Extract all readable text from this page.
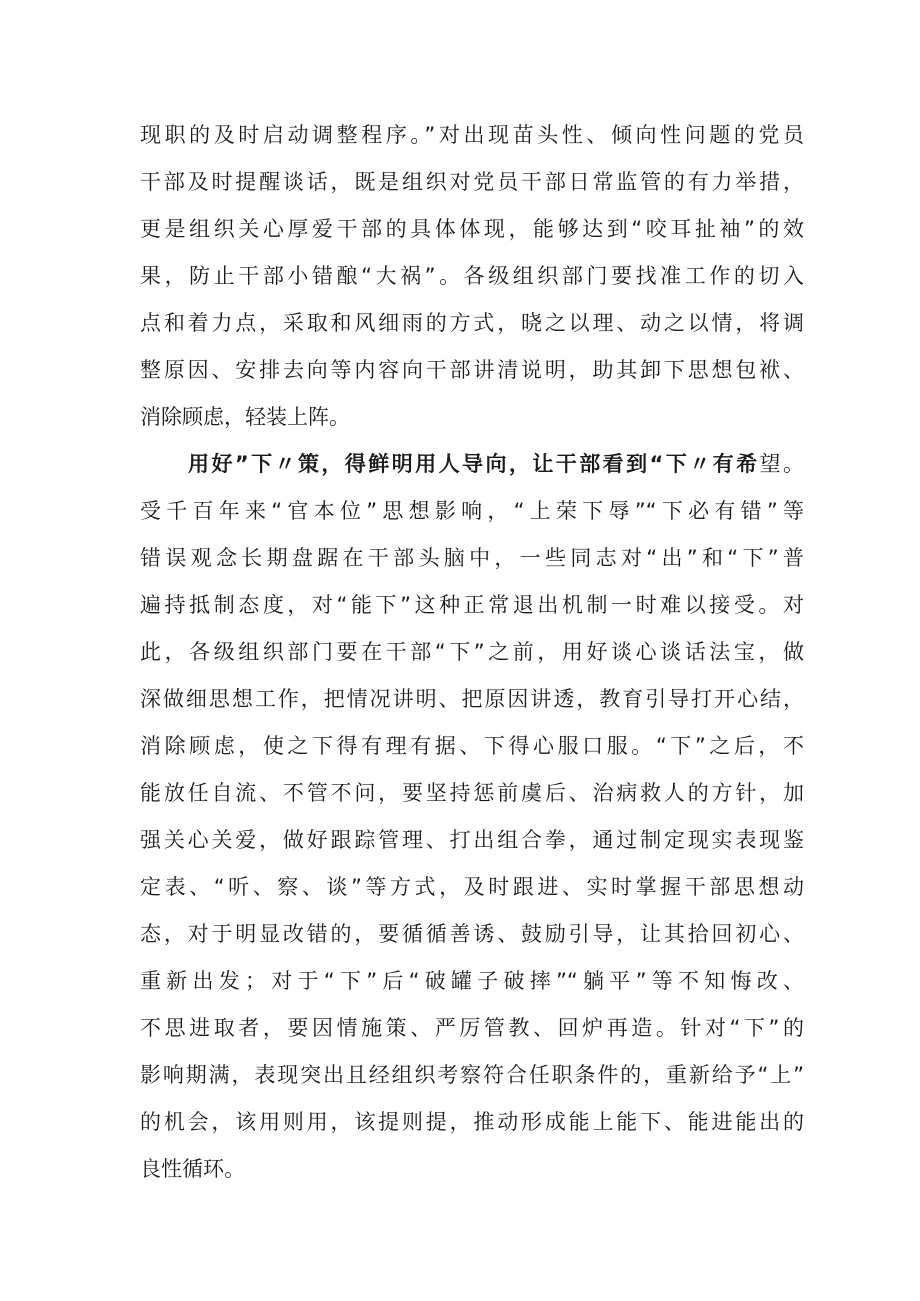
现职的及时启动调整程序。”对出现苗头性、倾向性问题的党员
干部及时提醒谈话，既是组织对党员干部日常监管的有力举措，
更是组织关心厚爱干部的具体体现，能够达到“咬耳扯袖”的效
果，防止干部小错酿“大祸”。各级组织部门要找准工作的切入
点和着力点，采取和风细雨的方式，晓之以理、动之以情，将调
整原因、安排去向等内容向干部讲清说明，助其卸下思想包袱、
消除顾虑，轻装上阵。
用好”下〃策，得鲜明用人导向，让干部看到“下〃有希望。
受千百年来“官本位”思想影响，“上荣下辱”“下必有错”等
错误观念长期盘踞在干部头脑中，一些同志对“出”和“下”普
遍持抵制态度，对“能下”这种正常退出机制一时难以接受。对
此，各级组织部门要在干部“下”之前，用好谈心谈话法宝，做
深做细思想工作，把情况讲明、把原因讲透，教育引导打开心结，
消除顾虑，使之下得有理有据、下得心服口服。“下”之后，不
能放任自流、不管不问，要坚持惩前虞后、治病救人的方针，加
强关心关爱，做好跟踪管理、打出组合拳，通过制定现实表现鉴
定表、“听、察、谈”等方式，及时跟进、实时掌握干部思想动
态，对于明显改错的，要循循善诱、鼓励引导，让其拾回初心、
重新出发；对于“下”后“破罐子破摔”“躺平”等不知悔改、
不思进取者，要因情施策、严厉管教、回炉再造。针对“下”的
影响期满，表现突出且经组织考察符合任职条件的，重新给予“上”
的机会，该用则用，该提则提，推动形成能上能下、能进能出的
良性循环。
